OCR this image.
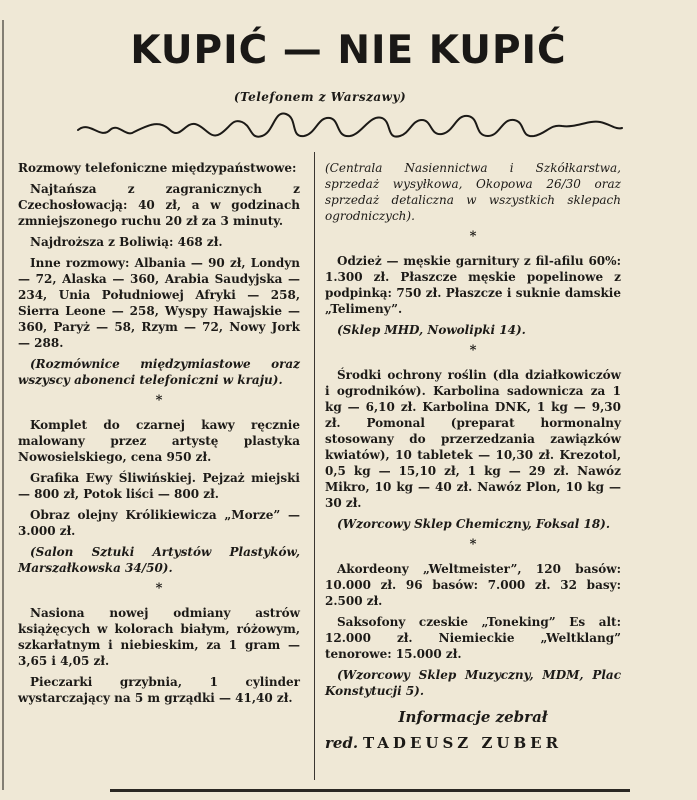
KUPIĆ — NIE KUPIĆ
(Telefonem z Warszawy)

Rozmowy telefoniczne międzypaństwowe:

Najtańsza z zagranicznych z Czechosłowacją: 40 zł, a w godzinach zmniejszonego ruchu 20 zł za 3 minuty.

Najdroższa z Boliwią: 468 zł.

Inne rozmowy: Albania — 90 zł, Londyn — 72, Alaska — 360, Arabia Saudyjska — 234, Unia Południowej Afryki — 258, Sierra Leone — 258, Wyspy Hawajskie — 360, Paryż — 58, Rzym — 72, Nowy Jork — 288.

(Rozmównice międzymiastowe oraz wszyscy abonenci telefoniczni w kraju).

*

Komplet do czarnej kawy ręcznie malowany przez artystę plastyka Nowosielskiego, cena 950 zł.

Grafika Ewy Śliwińskiej. Pejzaż miejski — 800 zł, Potok liści — 800 zł.

Obraz olejny Królikiewicza „Morze” — 3.000 zł.

(Salon Sztuki Artystów Plastyków, Marszałkowska 34/50).

*

Nasiona nowej odmiany astrów książęcych w kolorach białym, różowym, szkarłatnym i niebieskim, za 1 gram — 3,65 i 4,05 zł.

Pieczarki grzybnia, 1 cylinder wystarczający na 5 m grządki — 41,40 zł.

(Centrala Nasiennictwa i Szkółkarstwa, sprzedaż wysyłkowa, Okopowa 26/30 oraz sprzedaż detaliczna w wszystkich sklepach ogrodniczych).

*

Odzież — męskie garnitury z fil-afilu 60%: 1.300 zł. Płaszcze męskie popelinowe z podpinką: 750 zł. Płaszcze i suknie damskie „Telimeny”.

(Sklep MHD, Nowolipki 14).

*

Środki ochrony roślin (dla działkowiczów i ogrodników). Karbolina sadownicza za 1 kg — 6,10 zł. Karbolina DNK, 1 kg — 9,30 zł. Pomonal (preparat hormonalny stosowany do przerzedzania zawiązków kwiatów), 10 tabletek — 10,30 zł. Krezotol, 0,5 kg — 15,10 zł, 1 kg — 29 zł. Nawóz Mikro, 10 kg — 40 zł. Nawóz Plon, 10 kg — 30 zł.

(Wzorcowy Sklep Chemiczny, Foksal 18).

*

Akordeony „Weltmeister”, 120 basów: 10.000 zł. 96 basów: 7.000 zł. 32 basy: 2.500 zł.

Saksofony czeskie „Toneking” Es alt: 12.000 zł. Niemieckie „Weltklang” tenorowe: 15.000 zł.

(Wzorcowy Sklep Muzyczny, MDM, Plac Konstytucji 5).

Informacje zebrał
red. TADEUSZ ZUBER
